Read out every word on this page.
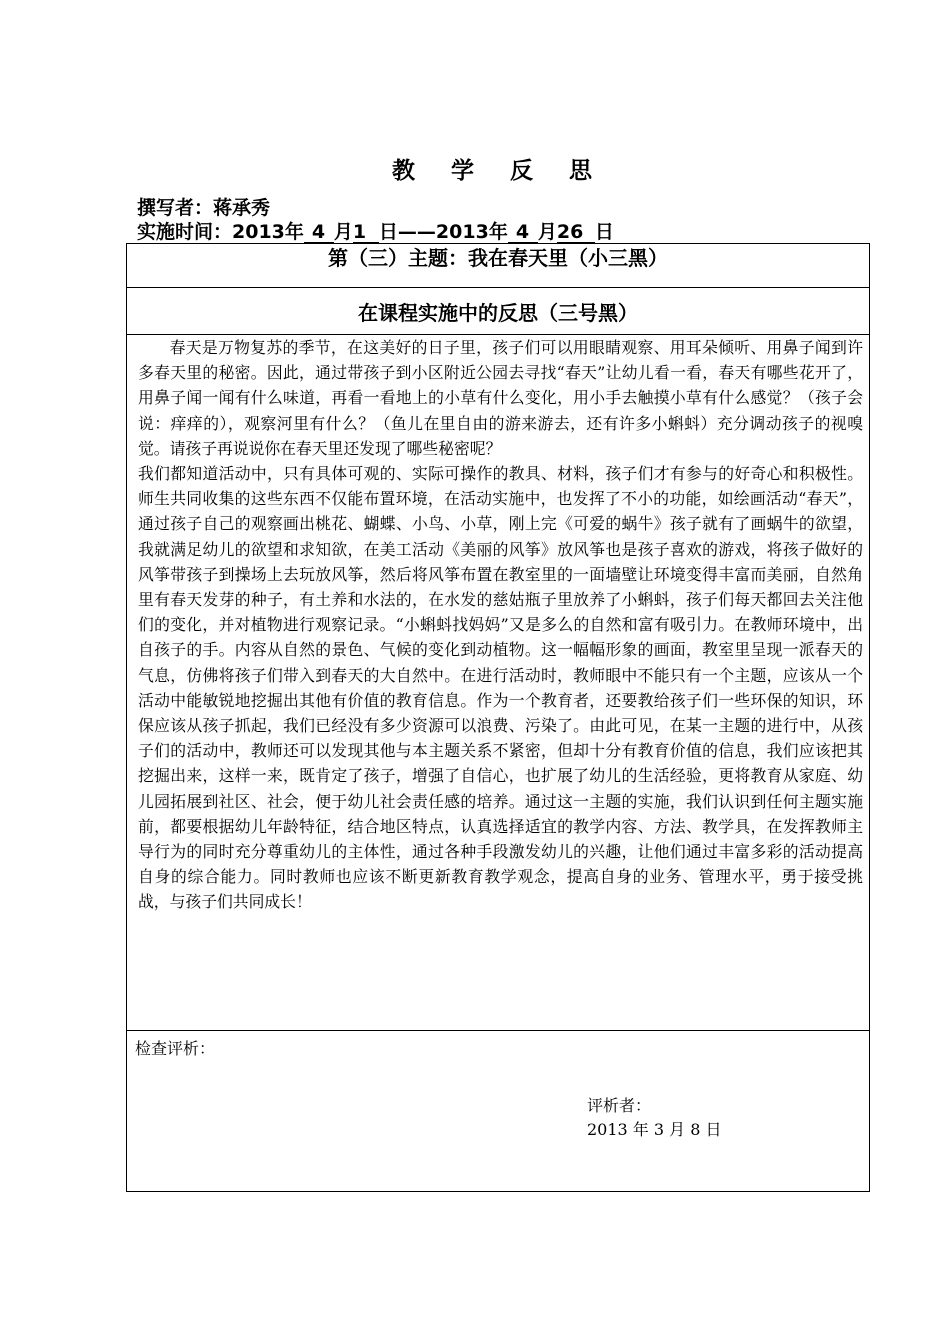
教 学 反 思
撰写者：蒋承秀
实施时间：2013年 4 月1 日——2013年 4 月26 日
第（三）主题：我在春天里（小三黑）
在课程实施中的反思（三号黑）

春天是万物复苏的季节，在这美好的日子里，孩子们可以用眼睛观察、用耳朵倾听、用鼻子闻到许多春天里的秘密。因此，通过带孩子到小区附近公园去寻找“春天”让幼儿看一看，春天有哪些花开了，用鼻子闻一闻有什么味道，再看一看地上的小草有什么变化，用小手去触摸小草有什么感觉？（孩子会说：痒痒的），观察河里有什么？（鱼儿在里自由的游来游去，还有许多小蝌蚪）充分调动孩子的视嗅觉。请孩子再说说你在春天里还发现了哪些秘密呢？

我们都知道活动中，只有具体可观的、实际可操作的教具、材料，孩子们才有参与的好奇心和积极性。师生共同收集的这些东西不仅能布置环境，在活动实施中，也发挥了不小的功能，如绘画活动“春天”，通过孩子自己的观察画出桃花、蝴蝶、小鸟、小草，刚上完《可爱的蜗牛》孩子就有了画蜗牛的欲望，我就满足幼儿的欲望和求知欲，在美工活动《美丽的风筝》放风筝也是孩子喜欢的游戏，将孩子做好的风筝带孩子到操场上去玩放风筝，然后将风筝布置在教室里的一面墙壁让环境变得丰富而美丽，自然角里有春天发芽的种子，有土养和水法的，在水发的慈姑瓶子里放养了小蝌蚪，孩子们每天都回去关注他们的变化，并对植物进行观察记录。“小蝌蚪找妈妈”又是多么的自然和富有吸引力。在教师环境中，出自孩子的手。内容从自然的景色、气候的变化到动植物。这一幅幅形象的画面，教室里呈现一派春天的气息，仿佛将孩子们带入到春天的大自然中。在进行活动时，教师眼中不能只有一个主题，应该从一个活动中能敏锐地挖掘出其他有价值的教育信息。作为一个教育者，还要教给孩子们一些环保的知识，环保应该从孩子抓起，我们已经没有多少资源可以浪费、污染了。由此可见，在某一主题的进行中，从孩子们的活动中，教师还可以发现其他与本主题关系不紧密，但却十分有教育价值的信息，我们应该把其挖掘出来，这样一来，既肯定了孩子，增强了自信心，也扩展了幼儿的生活经验，更将教育从家庭、幼儿园拓展到社区、社会，便于幼儿社会责任感的培养。通过这一主题的实施，我们认识到任何主题实施前，都要根据幼儿年龄特征，结合地区特点，认真选择适宜的教学内容、方法、教学具，在发挥教师主导行为的同时充分尊重幼儿的主体性，通过各种手段激发幼儿的兴趣，让他们通过丰富多彩的活动提高自身的综合能力。同时教师也应该不断更新教育教学观念，提高自身的业务、管理水平，勇于接受挑战，与孩子们共同成长！

检查评析：
评析者：
2013 年 3 月 8 日
